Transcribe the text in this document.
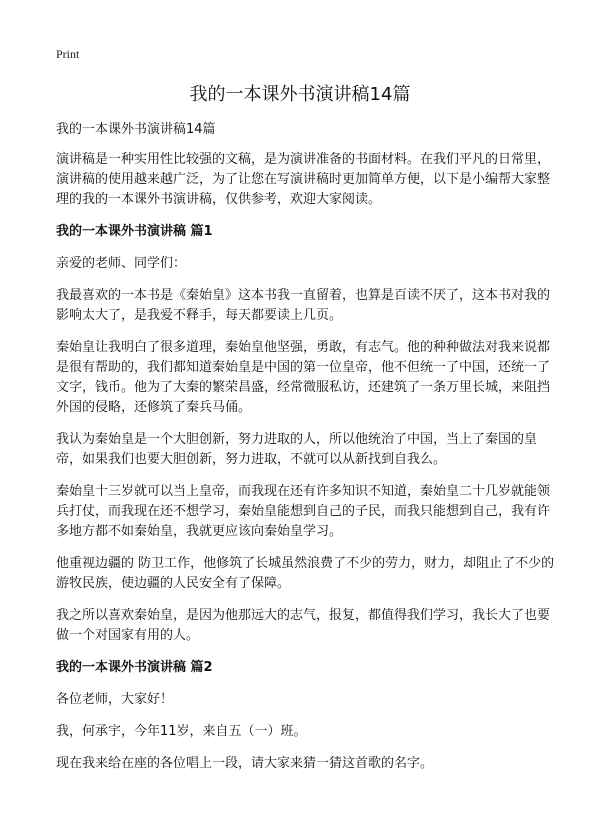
Print
我的一本课外书演讲稿14篇

我的一本课外书演讲稿14篇

演讲稿是一种实用性比较强的文稿，是为演讲准备的书面材料。在我们平凡的日常里，演讲稿的使用越来越广泛，为了让您在写演讲稿时更加简单方便，以下是小编帮大家整理的我的一本课外书演讲稿，仅供参考，欢迎大家阅读。

我的一本课外书演讲稿 篇1

亲爱的老师、同学们：

我最喜欢的一本书是《秦始皇》这本书我一直留着，也算是百读不厌了，这本书对我的影响太大了，是我爱不释手，每天都要读上几页。

秦始皇让我明白了很多道理，秦始皇他坚强，勇敢，有志气。他的种种做法对我来说都是很有帮助的，我们都知道秦始皇是中国的第一位皇帝，他不但统一了中国，还统一了文字，钱币。他为了大秦的繁荣昌盛，经常微服私访，还建筑了一条万里长城，来阻挡外国的侵略，还修筑了秦兵马俑。

我认为秦始皇是一个大胆创新，努力进取的人，所以他统治了中国，当上了秦国的皇帝，如果我们也要大胆创新，努力进取，不就可以从新找到自我么。

秦始皇十三岁就可以当上皇帝，而我现在还有许多知识不知道，秦始皇二十几岁就能领兵打仗，而我现在还不想学习，秦始皇能想到自己的子民，而我只能想到自己，我有许多地方都不如秦始皇，我就更应该向秦始皇学习。

他重视边疆的 防卫工作，他修筑了长城虽然浪费了不少的劳力，财力，却阻止了不少的游牧民族，使边疆的人民安全有了保障。

我之所以喜欢秦始皇，是因为他那远大的志气，报复，都值得我们学习，我长大了也要做一个对国家有用的人。

我的一本课外书演讲稿 篇2

各位老师，大家好！

我，何承宇，今年11岁，来自五（一）班。

现在我来给在座的各位唱上一段，请大家来猜一猜这首歌的名字。
